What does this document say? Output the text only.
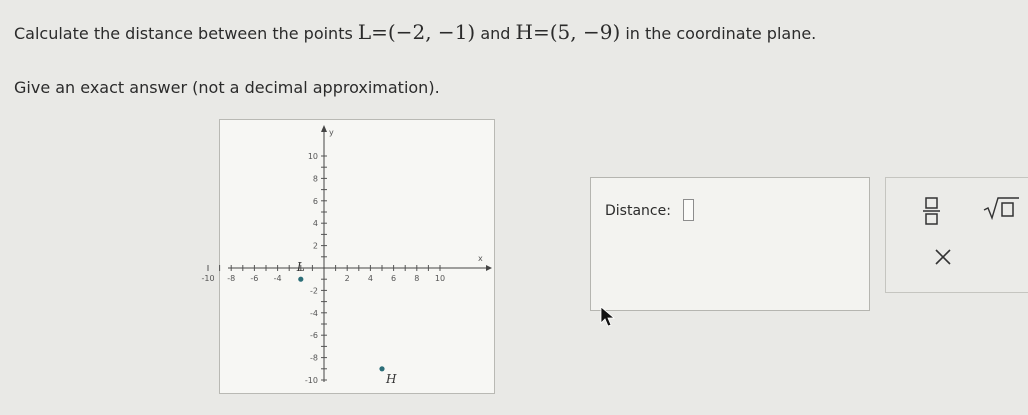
Calculate the distance between the points L=(−2, −1) and H=(5, −9) in the coordinate plane.
Give an exact answer (not a decimal approximation).
x
y
-10 -8 -6 -4	2 4 6 8 10
10
8
6
4
2
-2
-4
-6
-8
-10
L
H
Distance:
